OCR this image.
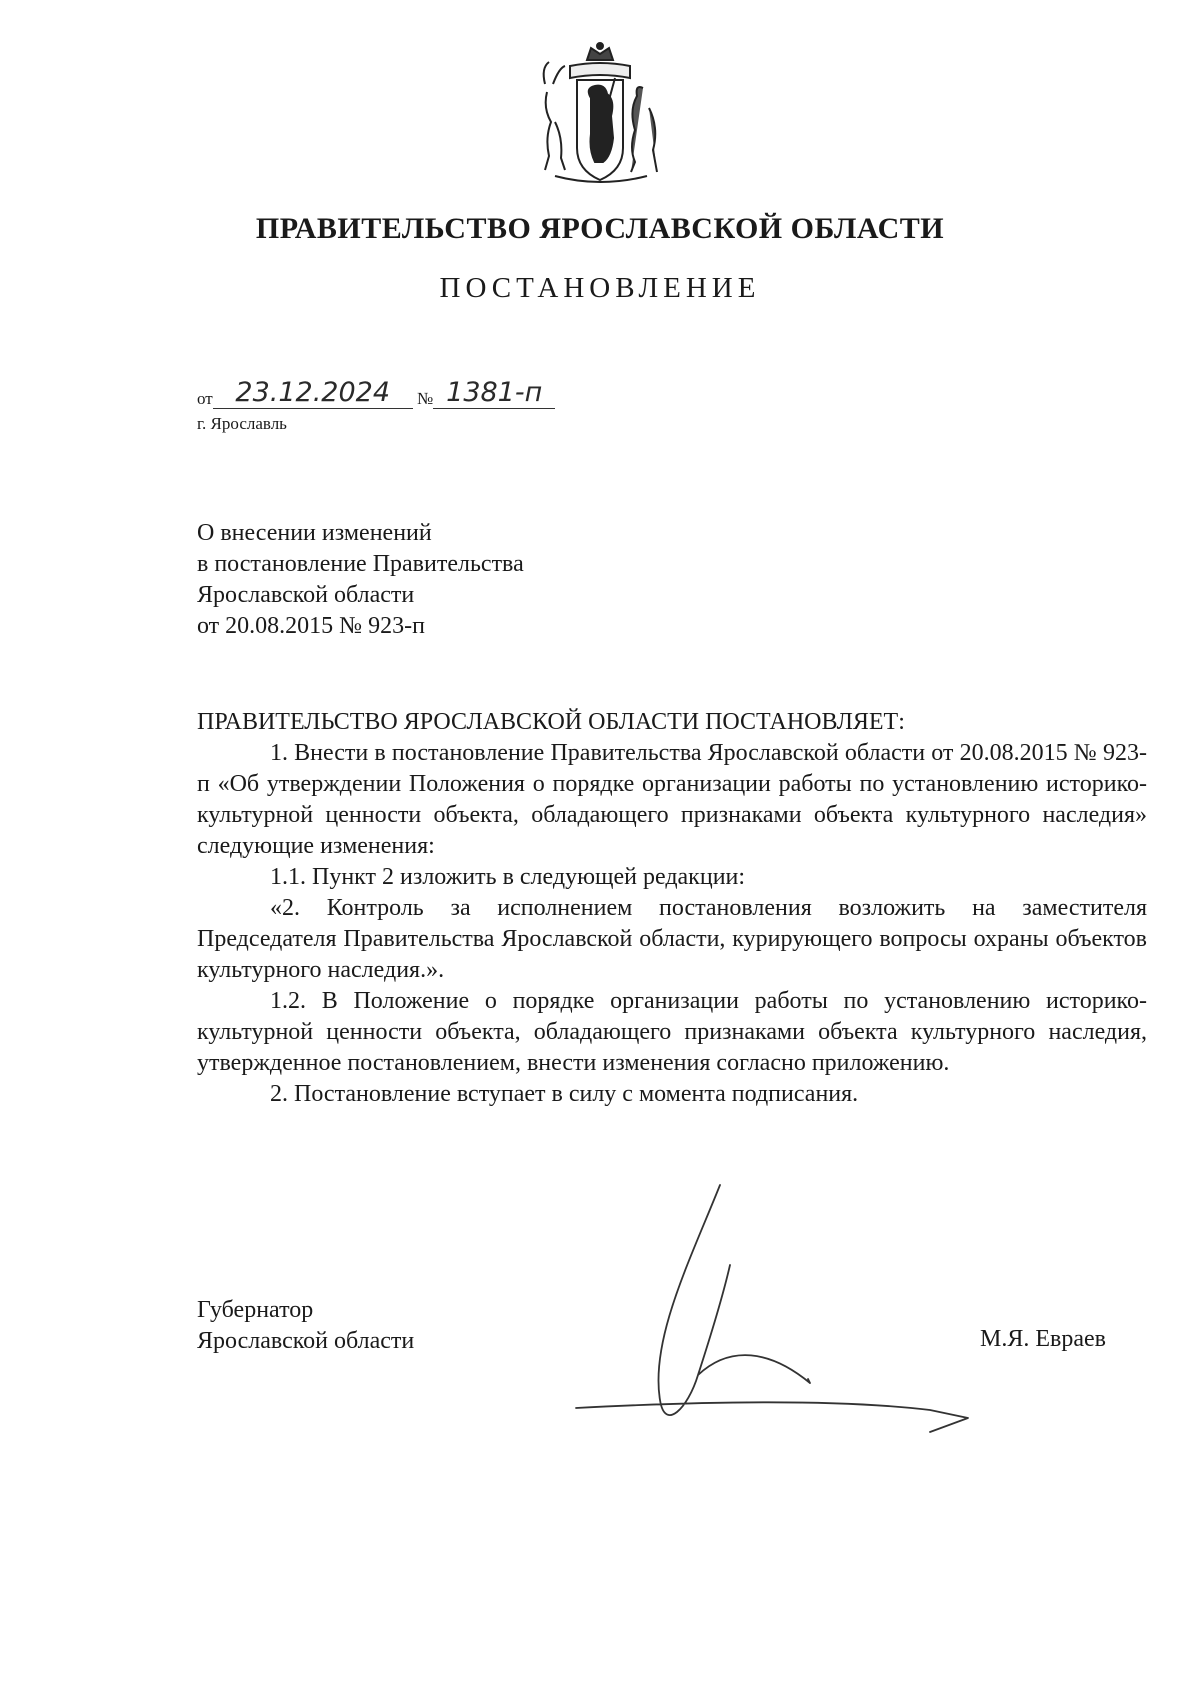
ПРАВИТЕЛЬСТВО ЯРОСЛАВСКОЙ ОБЛАСТИ
ПОСТАНОВЛЕНИЕ
от 23.12.2024 № 1381-п
г. Ярославль
О внесении изменений
в постановление Правительства
Ярославской области
от 20.08.2015 № 923-п

ПРАВИТЕЛЬСТВО ЯРОСЛАВСКОЙ ОБЛАСТИ ПОСТАНОВЛЯЕТ:

1. Внести в постановление Правительства Ярославской области от 20.08.2015 № 923-п «Об утверждении Положения о порядке организации работы по установлению историко-культурной ценности объекта, обладающего признаками объекта культурного наследия» следующие изменения:

1.1. Пункт 2 изложить в следующей редакции:

«2. Контроль за исполнением постановления возложить на заместителя Председателя Правительства Ярославской области, курирующего вопросы охраны объектов культурного наследия.».

1.2. В Положение о порядке организации работы по установлению историко-культурной ценности объекта, обладающего признаками объекта культурного наследия, утвержденное постановлением, внести изменения согласно приложению.

2. Постановление вступает в силу с момента подписания.

Губернатор
Ярославской области	М.Я. Евраев
